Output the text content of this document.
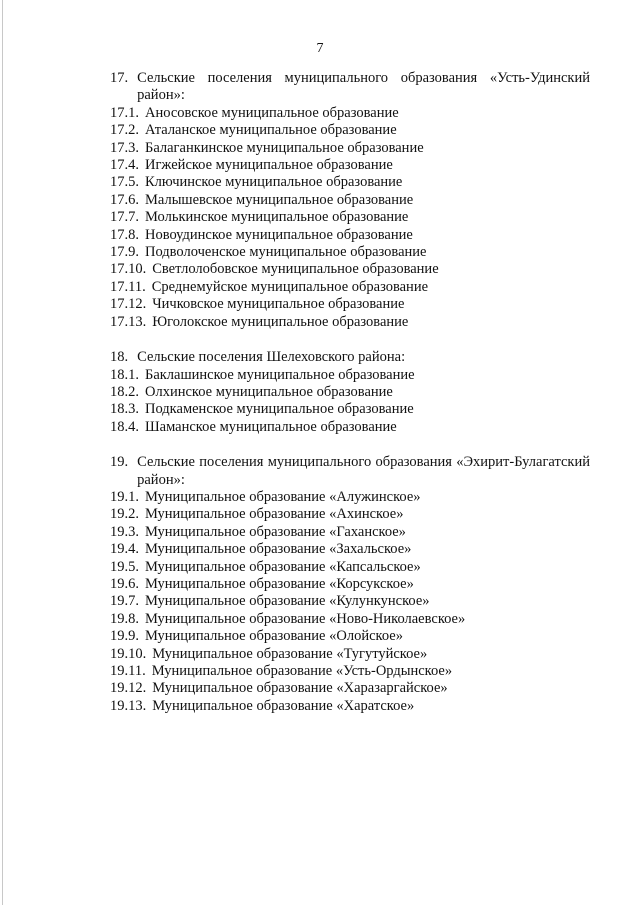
7
17. Сельские поселения муниципального образования «Усть-Удинский район»:
17.1. Аносовское муниципальное образование
17.2. Аталанское муниципальное образование
17.3. Балаганкинское муниципальное образование
17.4. Игжейское муниципальное образование
17.5. Ключинское муниципальное образование
17.6. Малышевское муниципальное образование
17.7. Молькинское муниципальное образование
17.8. Новоудинское муниципальное образование
17.9. Подволоченское муниципальное образование
17.10. Светлолобовское муниципальное образование
17.11. Среднемуйское муниципальное образование
17.12. Чичковское муниципальное образование
17.13. Юголокское муниципальное образование
18. Сельские поселения Шелеховского района:
18.1. Баклашинское муниципальное образование
18.2. Олхинское муниципальное образование
18.3. Подкаменское муниципальное образование
18.4. Шаманское муниципальное образование
19. Сельские поселения муниципального образования «Эхирит-Булагатский район»:
19.1. Муниципальное образование «Алужинское»
19.2. Муниципальное образование «Ахинское»
19.3. Муниципальное образование «Гаханское»
19.4. Муниципальное образование «Захальское»
19.5. Муниципальное образование «Капсальское»
19.6. Муниципальное образование «Корсукское»
19.7. Муниципальное образование «Кулункунское»
19.8. Муниципальное образование «Ново-Николаевское»
19.9. Муниципальное образование «Олойское»
19.10. Муниципальное образование «Тугутуйское»
19.11. Муниципальное образование «Усть-Ордынское»
19.12. Муниципальное образование «Харазаргайское»
19.13. Муниципальное образование «Харатское»
